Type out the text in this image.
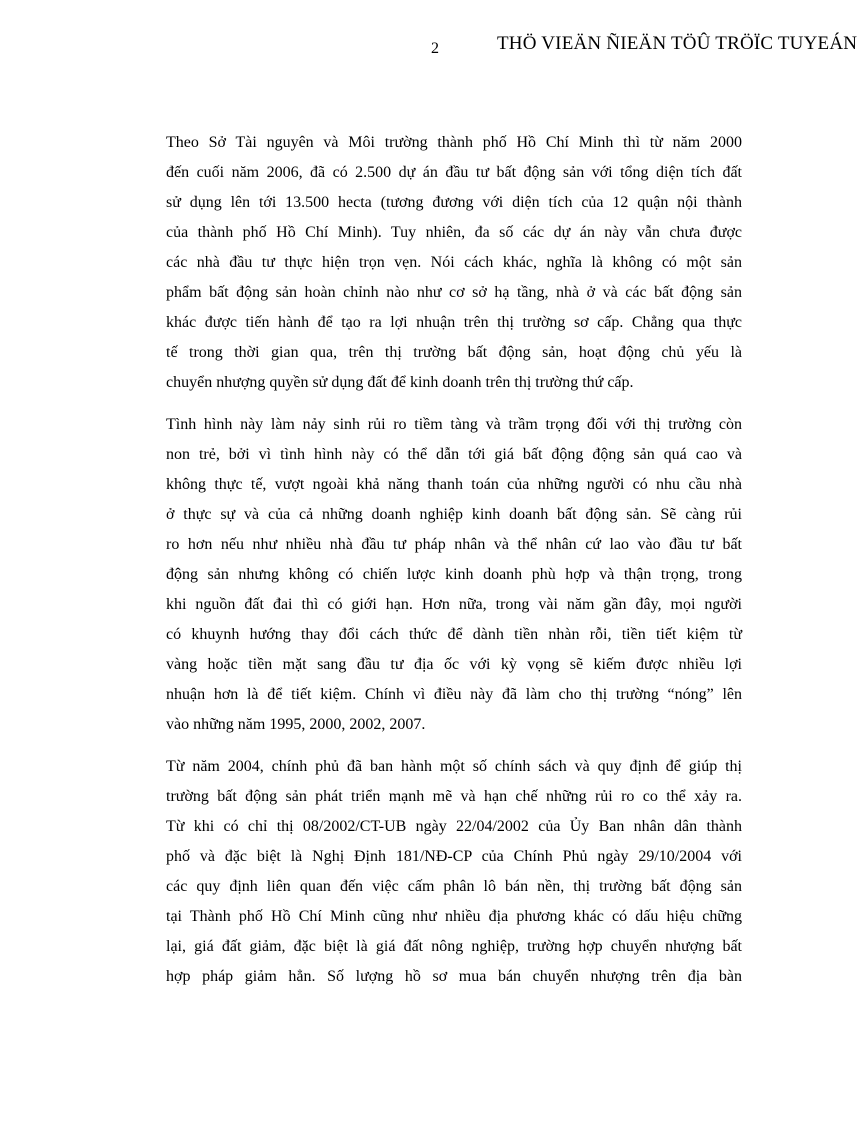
2	THÖ VIEÄN ÑIEÄN TÖÛ TRÖÏC TUYEÁN

Theo Sở Tài nguyên và Môi trường thành phố Hồ Chí Minh thì từ năm 2000
đến cuối năm 2006, đã có 2.500 dự án đầu tư bất động sản với tổng diện tích đất
sử dụng lên tới 13.500 hecta (tương đương với diện tích của 12 quận nội thành
của thành phố Hồ Chí Minh). Tuy nhiên, đa số các dự án này vẫn chưa được
các nhà đầu tư thực hiện trọn vẹn. Nói cách khác, nghĩa là không có một sản
phẩm bất động sản hoàn chỉnh nào như cơ sở hạ tầng, nhà ở và các bất động sản
khác được tiến hành để tạo ra lợi nhuận trên thị trường sơ cấp. Chẳng qua thực
tế trong thời gian qua, trên thị trường bất động sản, hoạt động chủ yếu là
chuyển nhượng quyền sử dụng đất để kinh doanh trên thị trường thứ cấp.

Tình hình này làm nảy sinh rủi ro tiềm tàng và trầm trọng đối với thị trường còn
non trẻ, bởi vì tình hình này có thể dẫn tới giá bất động động sản quá cao và
không thực tế, vượt ngoài khả năng thanh toán của những người có nhu cầu nhà
ở thực sự và của cả những doanh nghiệp kinh doanh bất động sản. Sẽ càng rủi
ro hơn nếu như nhiều nhà đầu tư pháp nhân và thể nhân cứ lao vào đầu tư bất
động sản nhưng không có chiến lược kinh doanh phù hợp và thận trọng, trong
khi nguồn đất đai thì có giới hạn. Hơn nữa, trong vài năm gần đây, mọi người
có khuynh hướng thay đổi cách thức để dành tiền nhàn rỗi, tiền tiết kiệm từ
vàng hoặc tiền mặt sang đầu tư địa ốc với kỳ vọng sẽ kiếm được nhiều lợi
nhuận hơn là để tiết kiệm. Chính vì điều này đã làm cho thị trường “nóng” lên
vào những năm 1995, 2000, 2002, 2007.

Từ năm 2004, chính phủ đã ban hành một số chính sách và quy định để giúp thị
trường bất động sản phát triển mạnh mẽ và hạn chế những rủi ro co thể xảy ra.
Từ khi có chỉ thị 08/2002/CT-UB ngày 22/04/2002 của Ủy Ban nhân dân thành
phố và đặc biệt là Nghị Định 181/NĐ-CP của Chính Phủ ngày 29/10/2004 với
các quy định liên quan đến việc cấm phân lô bán nền, thị trường bất động sản
tại Thành phố Hồ Chí Minh cũng như nhiều địa phương khác có dấu hiệu chững
lại, giá đất giảm, đặc biệt là giá đất nông nghiệp, trường hợp chuyển nhượng bất
hợp pháp giảm hẳn. Số lượng hồ sơ mua bán chuyển nhượng trên địa bàn
